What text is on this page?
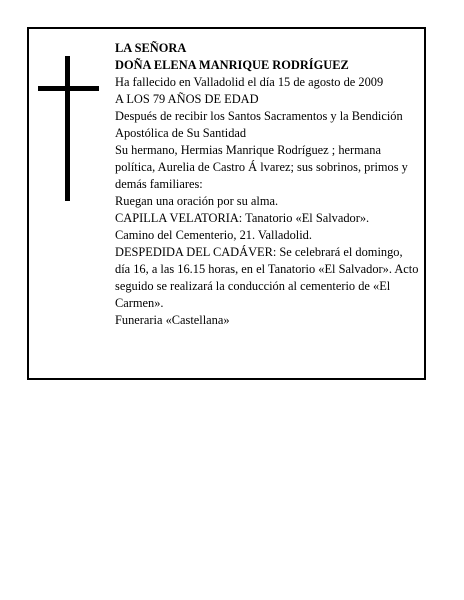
LA SEÑORA

DOÑA ELENA MANRIQUE RODRÍGUEZ

Ha fallecido en Valladolid el día 15 de agosto de 2009

A LOS 79 AÑOS DE EDAD

Después de recibir los Santos Sacramentos y la Bendición Apostólica de Su Santidad

Su hermano, Hermias Manrique Rodríguez ; hermana política, Aurelia de Castro Á lvarez; sus sobrinos, primos y demás familiares:

Ruegan una oración por su alma.

CAPILLA VELATORIA: Tanatorio «El Salvador».

Camino del Cementerio, 21. Valladolid.

DESPEDIDA DEL CADÁVER: Se celebrará el domingo, día 16, a las 16.15 horas, en el Tanatorio «El Salvador». Acto seguido se realizará la conducción al cementerio de «El Carmen».

Funeraria «Castellana»
